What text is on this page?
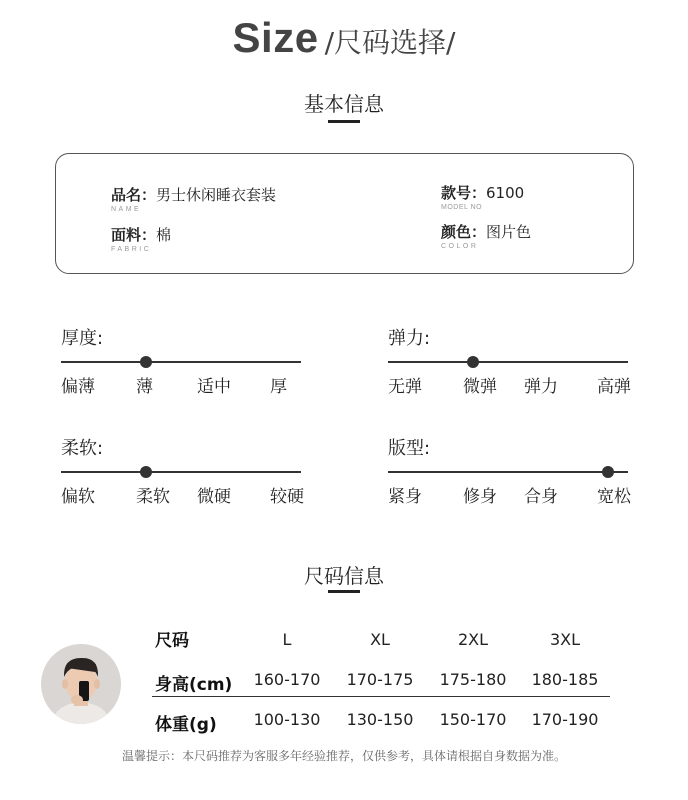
Size /尺码选择/
基本信息
品名：男士休闲睡衣套装
NAME
款号：6100
MODEL NO
面料：棉
FABRIC
颜色：图片色
COLOR
厚度:
偏薄 薄	适中 厚
弹力:
无弹 微弹 弹力 高弹
柔软:
偏软 柔软 微硬 较硬
版型:
紧身 修身 合身 宽松
尺码信息
尺码	L	XL	2XL	3XL
身高(cm) 160-170 170-175 175-180 180-185
体重(g) 100-130 130-150 150-170 170-190
温馨提示：本尺码推荐为客服多年经验推荐，仅供参考，具体请根据自身数据为准。
